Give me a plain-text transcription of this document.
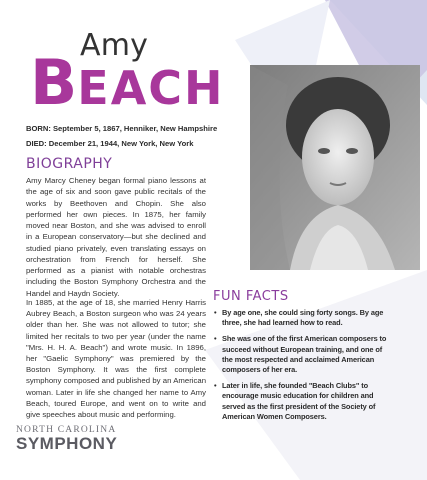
Amy
BEACH
BORN: September 5, 1867, Henniker, New Hampshire
DIED: December 21, 1944, New York, New York
BIOGRAPHY

Amy Marcy Cheney began formal piano lessons at the age of six and soon gave public recitals of the works by Beethoven and Chopin. She also performed her own pieces. In 1875, her family moved near Boston, and she was advised to enroll in a European conservatory—but she declined and studied piano privately, even translating essays on orchestration from French for herself. She performed as a pianist with notable orchestras including the Boston Symphony Orchestra and the Handel and Haydn Society.

In 1885, at the age of 18, she married Henry Harris Aubrey Beach, a Boston surgeon who was 24 years older than her. She was not allowed to tutor; she limited her recitals to two per year (under the name "Mrs. H. H. A. Beach") and wrote music. In 1896, her "Gaelic Symphony" was premiered by the Boston Symphony. It was the first complete symphony composed and published by an American woman. Later in life she changed her name to Amy Beach, toured Europe, and went on to write and give speeches about music and performing.

FUN FACTS
• By age one, she could sing forty songs. By age three, she had learned how to read.
• She was one of the first American composers to succeed without European training, and one of the most respected and acclaimed American composers of her era.
• Later in life, she founded "Beach Clubs" to encourage music education for children and served as the first president of the Society of American Women Composers.
NORTH CAROLINA
SYMPHONY
